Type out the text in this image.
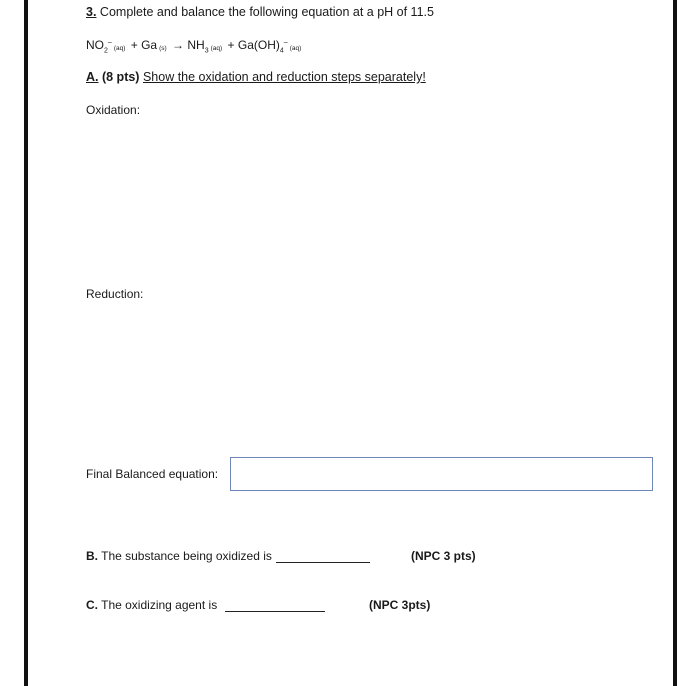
3. Complete and balance the following equation at a pH of 11.5
$NO_2^-(aq) + Ga$ $(s) \to NH_3$ $(aq) + Ga(OH)_4^-(aq)$
A. (8 pts) Show the oxidation and reduction steps separately!
Oxidation:
Reduction:
Final Balanced equation:
B. The substance being oxidized is	(NPC 3 pts)
C. The oxidizing agent is	(NPC 3pts)
